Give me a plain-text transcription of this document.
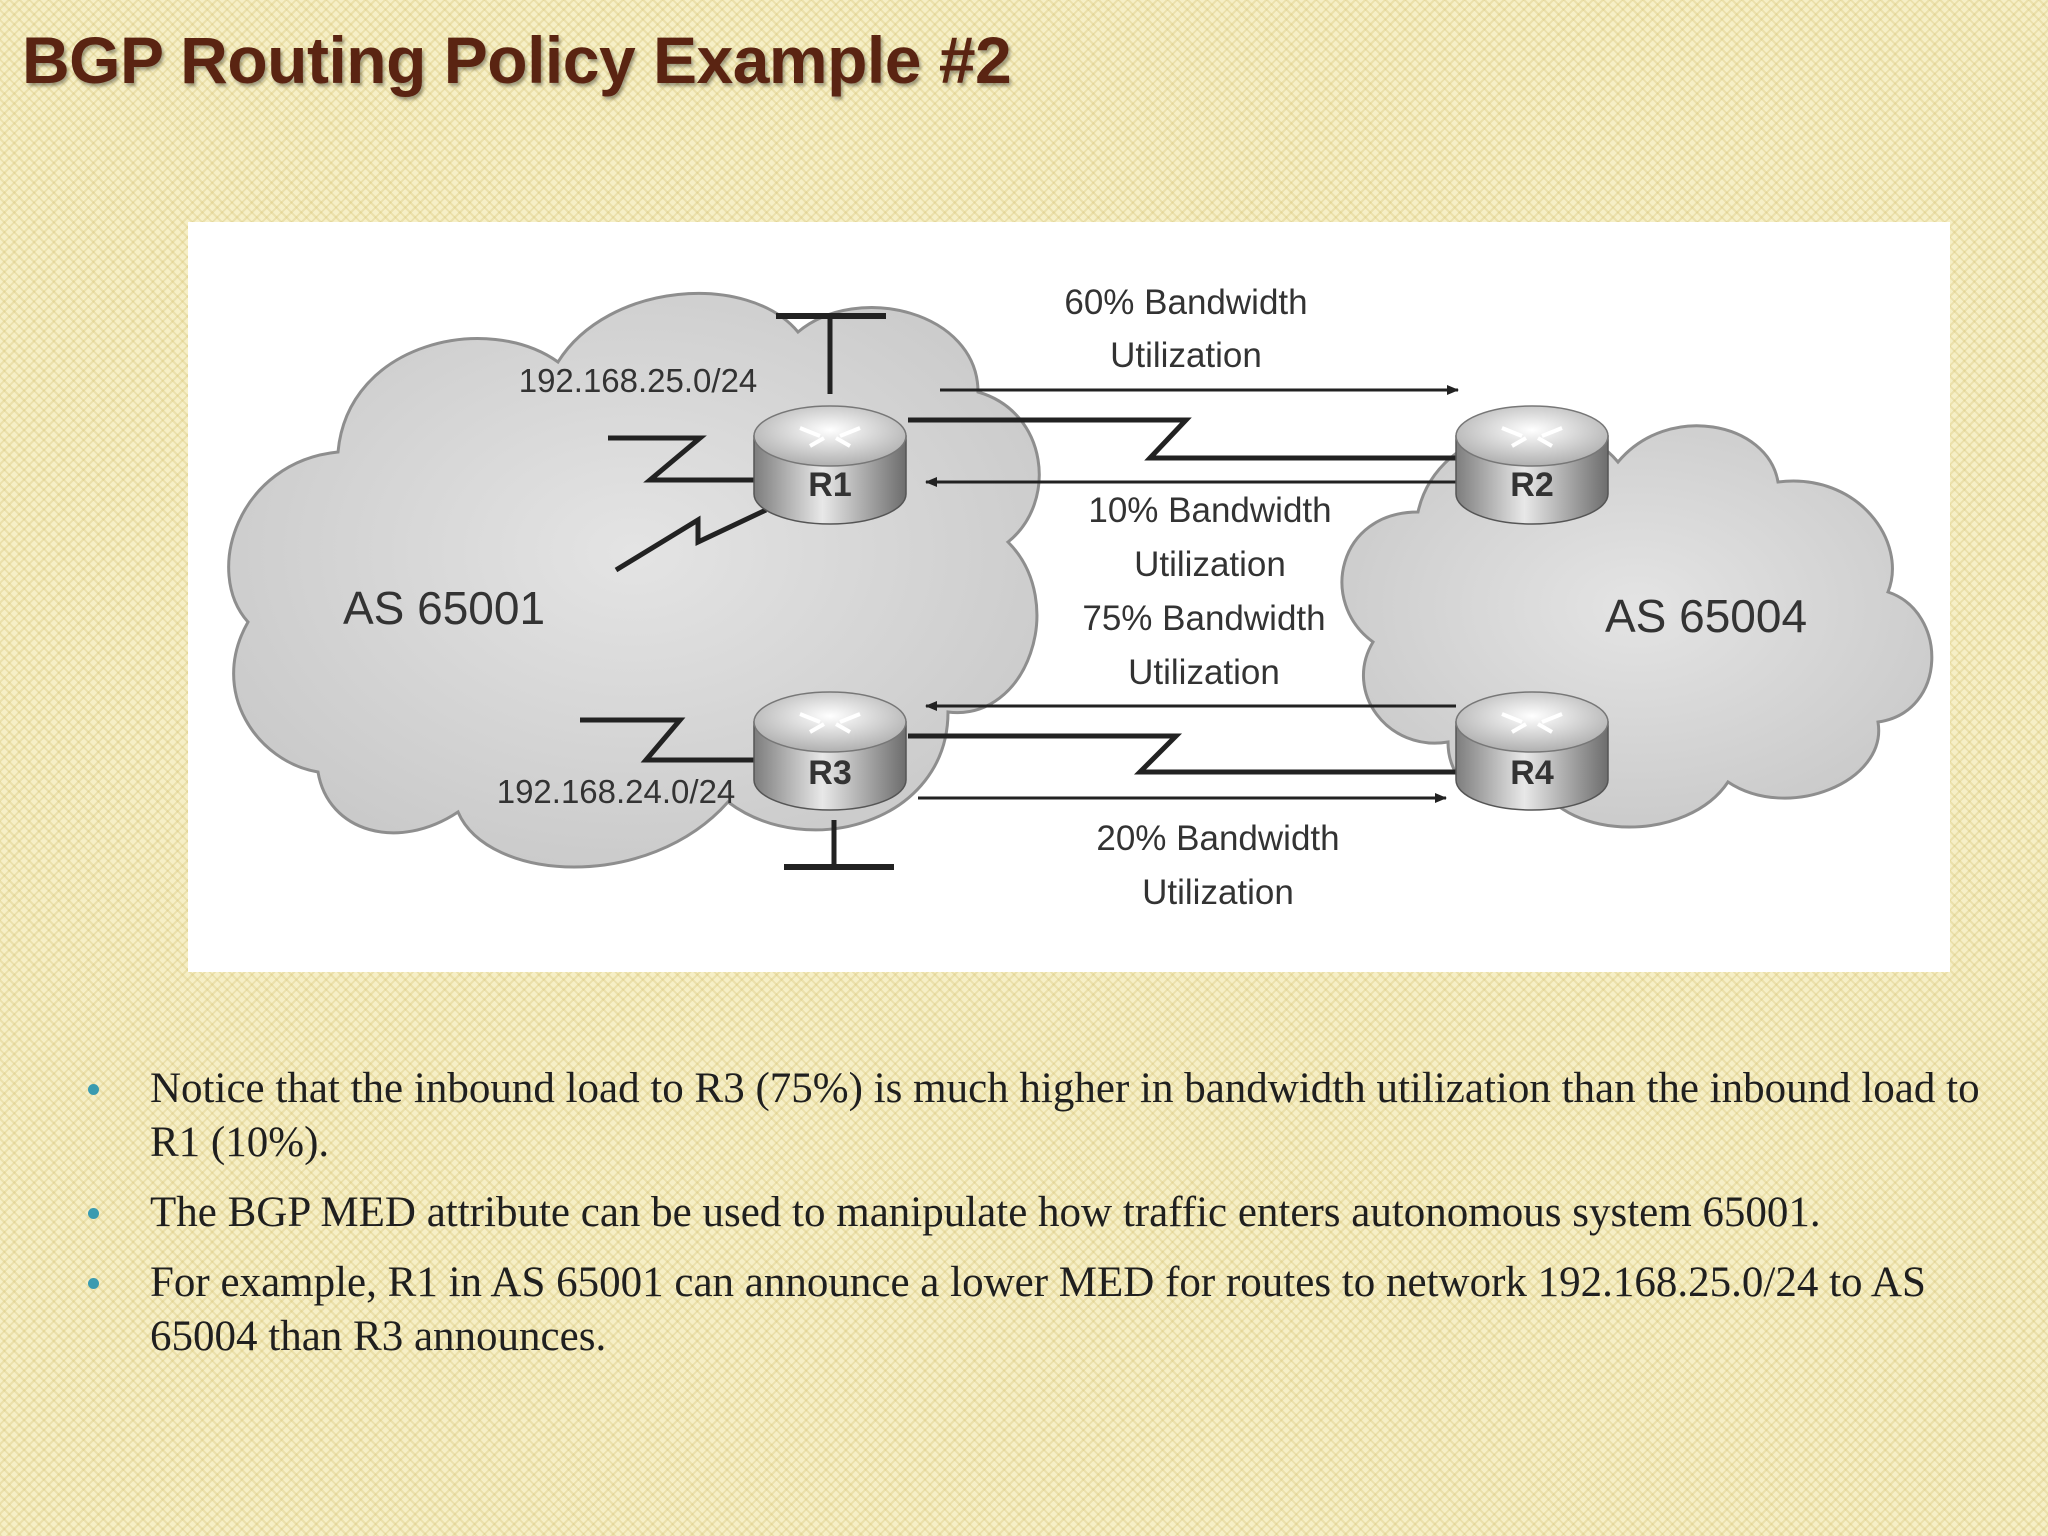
BGP Routing Policy Example #2
R1	R2
R3	R4
AS 65001	AS 65004
192.168.25.0/24
192.168.24.0/24
60% Bandwidth
Utilization
10% Bandwidth
Utilization
75% Bandwidth
Utilization
20% Bandwidth
Utilization
Notice that the inbound load to R3 (75%) is much higher in bandwidth utilization than the inbound load to R1 (10%).
The BGP MED attribute can be used to manipulate how traffic enters autonomous system 65001.
For example, R1 in AS 65001 can announce a lower MED for routes to network 192.168.25.0/24 to AS 65004 than R3 announces.
